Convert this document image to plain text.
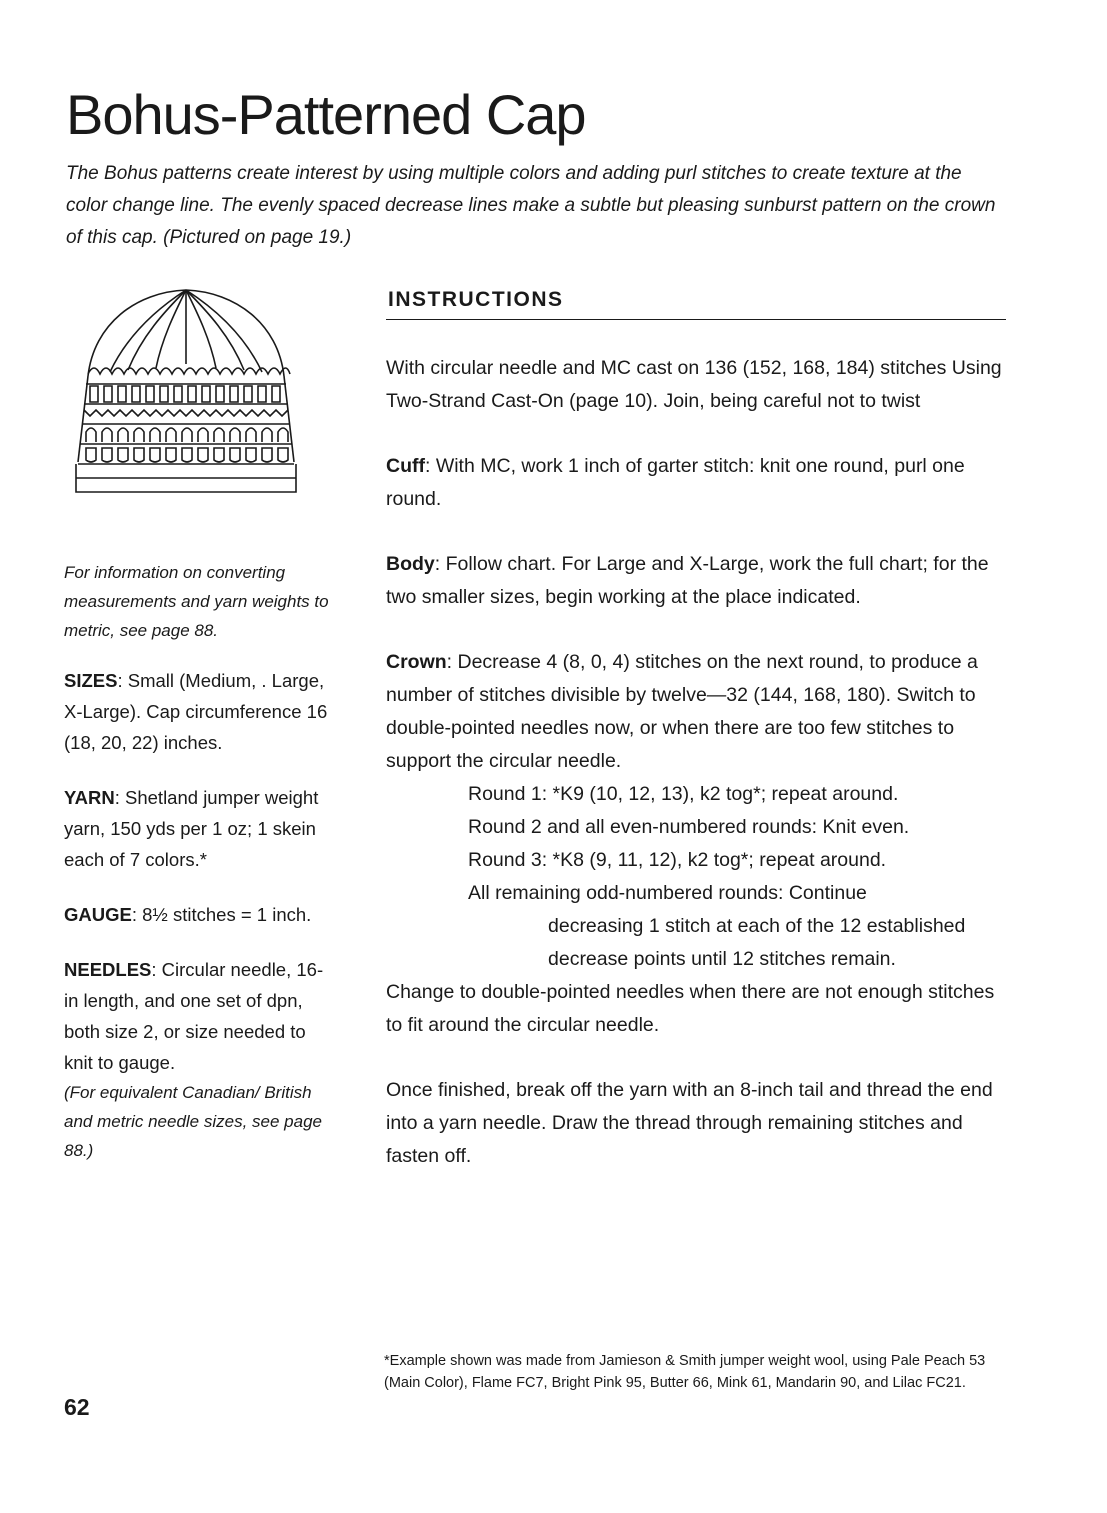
Bohus-Patterned Cap

The Bohus patterns create interest by using multiple colors and adding purl stitches to create texture at the color change line. The evenly spaced decrease lines make a subtle but pleasing sunburst pattern on the crown of this cap. (Pictured on page 19.)

For information on converting measurements and yarn weights to metric, see page 88.

SIZES: Small (Medium, . Large, X-Large). Cap circumference 16 (18, 20, 22) inches.

YARN: Shetland jumper weight yarn, 150 yds per 1 oz; 1 skein each of 7 colors.*

GAUGE: 8½ stitches = 1 inch.

NEEDLES: Circular needle, 16-in length, and one set of dpn, both size 2, or size needed to knit to gauge.
(For equivalent Canadian/ British and metric needle sizes, see page 88.)

INSTRUCTIONS

With circular needle and MC cast on 136 (152, 168, 184) stitches Using Two-Strand Cast-On (page 10). Join, being careful not to twist

Cuff: With MC, work 1 inch of garter stitch: knit one round, purl one round.

Body: Follow chart. For Large and X-Large, work the full chart; for the two smaller sizes, begin working at the place indicated.

Crown: Decrease 4 (8, 0, 4) stitches on the next round, to produce a number of stitches divisible by twelve—32 (144, 168, 180). Switch to double-pointed needles now, or when there are too few stitches to support the circular needle.

Round 1: *K9 (10, 12, 13), k2 tog*; repeat around.

Round 2 and all even-numbered rounds: Knit even.

Round 3: *K8 (9, 11, 12), k2 tog*; repeat around.

All remaining odd-numbered rounds: Continue

decreasing 1 stitch at each of the 12 established decrease points until 12 stitches remain.

Change to double-pointed needles when there are not enough stitches to fit around the circular needle.

Once finished, break off the yarn with an 8-inch tail and thread the end into a yarn needle. Draw the thread through remaining stitches and fasten off.

*Example shown was made from Jamieson & Smith jumper weight wool, using Pale Peach 53 (Main Color), Flame FC7, Bright Pink 95, Butter 66, Mink 61, Mandarin 90, and Lilac FC21.

62
